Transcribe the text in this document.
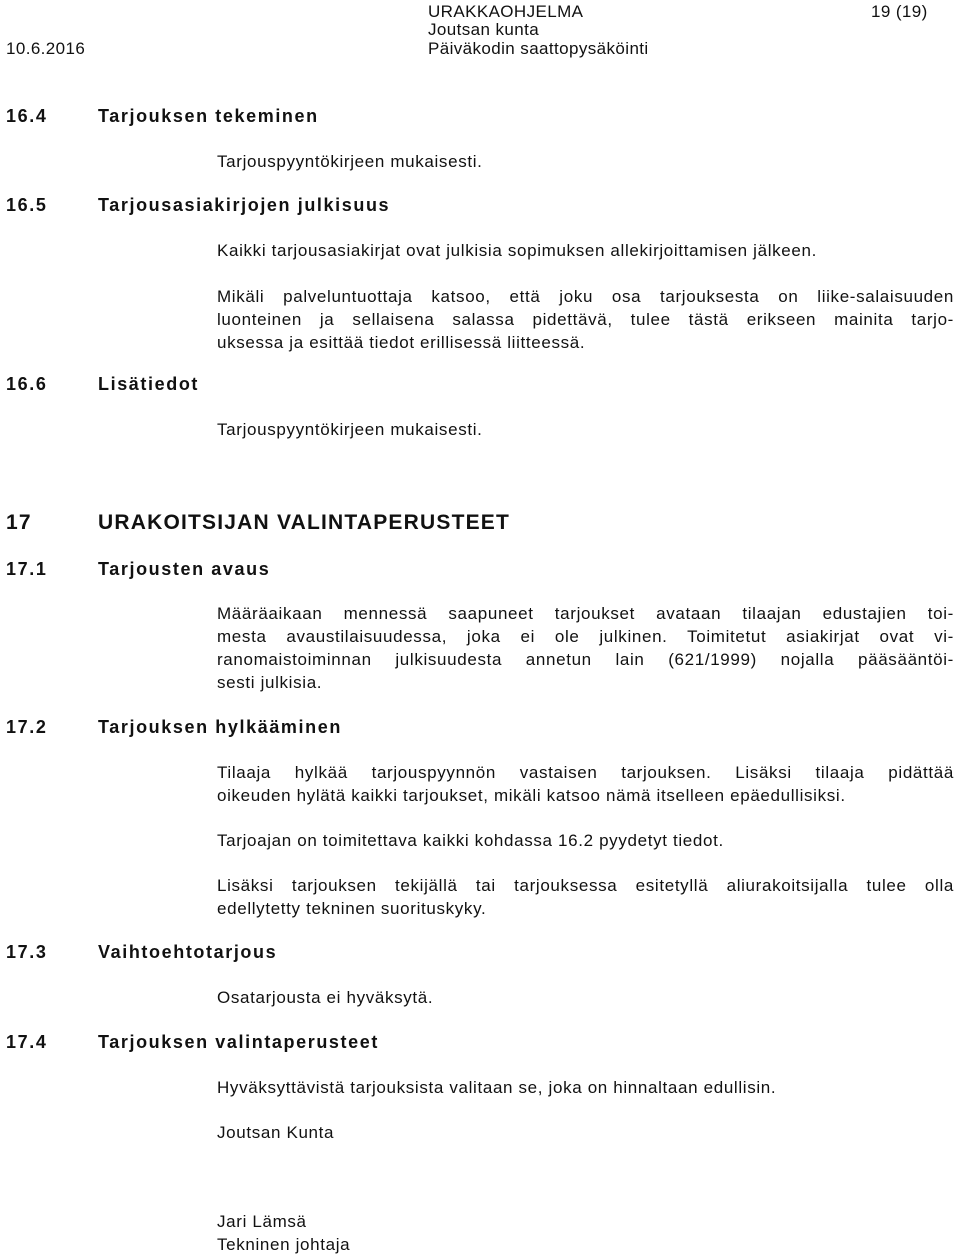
URAKKAOHJELMA	19 (19)
10.6.2016
Joutsan kunta
Päiväkodin saattopysäköinti
16.4	Tarjouksen tekeminen
Tarjouspyyntökirjeen mukaisesti.
16.5	Tarjousasiakirjojen julkisuus
Kaikki tarjousasiakirjat ovat julkisia sopimuksen allekirjoittamisen jälkeen.
Mikäli palveluntuottaja katsoo, että joku osa tarjouksesta on liike-salaisuuden
luonteinen ja sellaisena salassa pidettävä, tulee tästä erikseen mainita tarjo-
uksessa ja esittää tiedot erillisessä liitteessä.
16.6	Lisätiedot
Tarjouspyyntökirjeen mukaisesti.
17	URAKOITSIJAN VALINTAPERUSTEET
17.1	Tarjousten avaus
Määräaikaan mennessä saapuneet tarjoukset avataan tilaajan edustajien toi-
mesta avaustilaisuudessa, joka ei ole julkinen. Toimitetut asiakirjat ovat vi-
ranomaistoiminnan julkisuudesta annetun lain (621/1999) nojalla pääsääntöi-
sesti julkisia.
17.2	Tarjouksen hylkääminen
Tilaaja hylkää tarjouspyynnön vastaisen tarjouksen. Lisäksi tilaaja pidättää
oikeuden hylätä kaikki tarjoukset, mikäli katsoo nämä itselleen epäedullisiksi.
Tarjoajan on toimitettava kaikki kohdassa 16.2 pyydetyt tiedot.
Lisäksi tarjouksen tekijällä tai tarjouksessa esitetyllä aliurakoitsijalla tulee olla
edellytetty tekninen suorituskyky.
17.3	Vaihtoehtotarjous
Osatarjousta ei hyväksytä.
17.4	Tarjouksen valintaperusteet
Hyväksyttävistä tarjouksista valitaan se, joka on hinnaltaan edullisin.
Joutsan Kunta
Jari Lämsä
Tekninen johtaja
